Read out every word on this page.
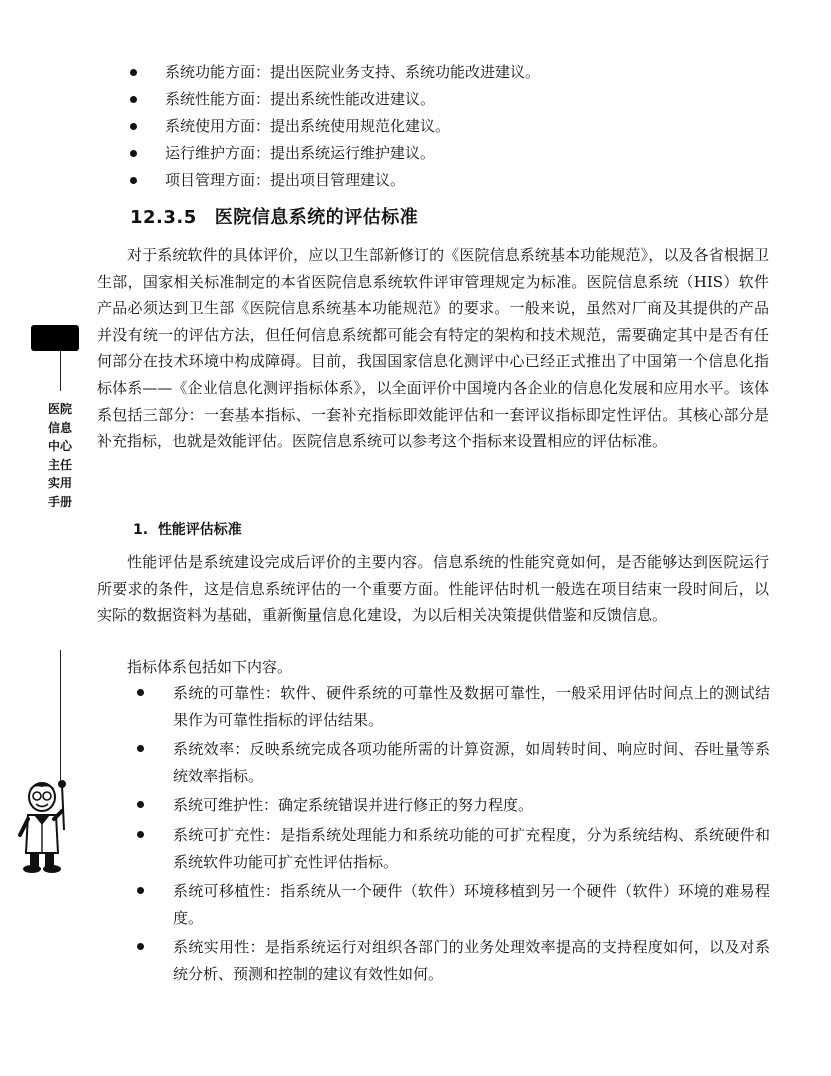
医院信息中心主任实用手册
系统功能方面：提出医院业务支持、系统功能改进建议。
系统性能方面：提出系统性能改进建议。
系统使用方面：提出系统使用规范化建议。
运行维护方面：提出系统运行维护建议。
项目管理方面：提出项目管理建议。
12.3.5 医院信息系统的评估标准

对于系统软件的具体评价，应以卫生部新修订的《医院信息系统基本功能规范》，以及各省根据卫生部，国家相关标准制定的本省医院信息系统软件评审管理规定为标准。医院信息系统（HIS）软件产品必须达到卫生部《医院信息系统基本功能规范》的要求。一般来说，虽然对厂商及其提供的产品并没有统一的评估方法，但任何信息系统都可能会有特定的架构和技术规范，需要确定其中是否有任何部分在技术环境中构成障碍。目前，我国国家信息化测评中心已经正式推出了中国第一个信息化指标体系——《企业信息化测评指标体系》，以全面评价中国境内各企业的信息化发展和应用水平。该体系包括三部分：一套基本指标、一套补充指标即效能评估和一套评议指标即定性评估。其核心部分是补充指标，也就是效能评估。医院信息系统可以参考这个指标来设置相应的评估标准。

1. 性能评估标准

性能评估是系统建设完成后评价的主要内容。信息系统的性能究竟如何，是否能够达到医院运行所要求的条件，这是信息系统评估的一个重要方面。性能评估时机一般选在项目结束一段时间后，以实际的数据资料为基础，重新衡量信息化建设，为以后相关决策提供借鉴和反馈信息。

指标体系包括如下内容。

系统的可靠性：软件、硬件系统的可靠性及数据可靠性，一般采用评估时间点上的测试结果作为可靠性指标的评估结果。
系统效率：反映系统完成各项功能所需的计算资源，如周转时间、响应时间、吞吐量等系统效率指标。
系统可维护性：确定系统错误并进行修正的努力程度。
系统可扩充性：是指系统处理能力和系统功能的可扩充程度，分为系统结构、系统硬件和系统软件功能可扩充性评估指标。
系统可移植性：指系统从一个硬件（软件）环境移植到另一个硬件（软件）环境的难易程度。
系统实用性：是指系统运行对组织各部门的业务处理效率提高的支持程度如何，以及对系统分析、预测和控制的建议有效性如何。
